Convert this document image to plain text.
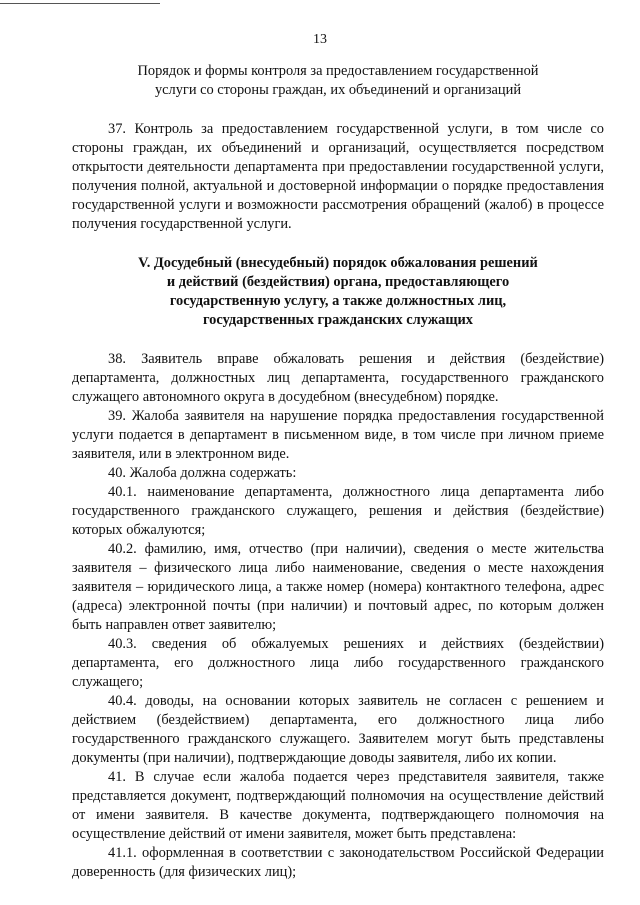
13
Порядок и формы контроля за предоставлением государственной
услуги со стороны граждан, их объединений и организаций

37. Контроль за предоставлением государственной услуги, в том числе со стороны граждан, их объединений и организаций, осуществляется посредством открытости деятельности департамента при предоставлении государственной услуги, получения полной, актуальной и достоверной информации о порядке предоставления государственной услуги и возможности рассмотрения обращений (жалоб) в процессе получения государственной услуги.

V. Досудебный (внесудебный) порядок обжалования решений
и действий (бездействия) органа, предоставляющего
государственную услугу, а также должностных лиц,
государственных гражданских служащих

38. Заявитель вправе обжаловать решения и действия (бездействие) департамента, должностных лиц департамента, государственного гражданского служащего автономного округа в досудебном (внесудебном) порядке.

39. Жалоба заявителя на нарушение порядка предоставления государственной услуги подается в департамент в письменном виде, в том числе при личном приеме заявителя, или в электронном виде.

40. Жалоба должна содержать:

40.1. наименование департамента, должностного лица департамента либо государственного гражданского служащего, решения и действия (бездействие) которых обжалуются;

40.2. фамилию, имя, отчество (при наличии), сведения о месте жительства заявителя – физического лица либо наименование, сведения о месте нахождения заявителя – юридического лица, а также номер (номера) контактного телефона, адрес (адреса) электронной почты (при наличии) и почтовый адрес, по которым должен быть направлен ответ заявителю;

40.3. сведения об обжалуемых решениях и действиях (бездействии) департамента, его должностного лица либо государственного гражданского служащего;

40.4. доводы, на основании которых заявитель не согласен с решением и действием (бездействием) департамента, его должностного лица либо государственного гражданского служащего. Заявителем могут быть представлены документы (при наличии), подтверждающие доводы заявителя, либо их копии.

41. В случае если жалоба подается через представителя заявителя, также представляется документ, подтверждающий полномочия на осуществление действий от имени заявителя. В качестве документа, подтверждающего полномочия на осуществление действий от имени заявителя, может быть представлена:

41.1. оформленная в соответствии с законодательством Российской Федерации доверенность (для физических лиц);
